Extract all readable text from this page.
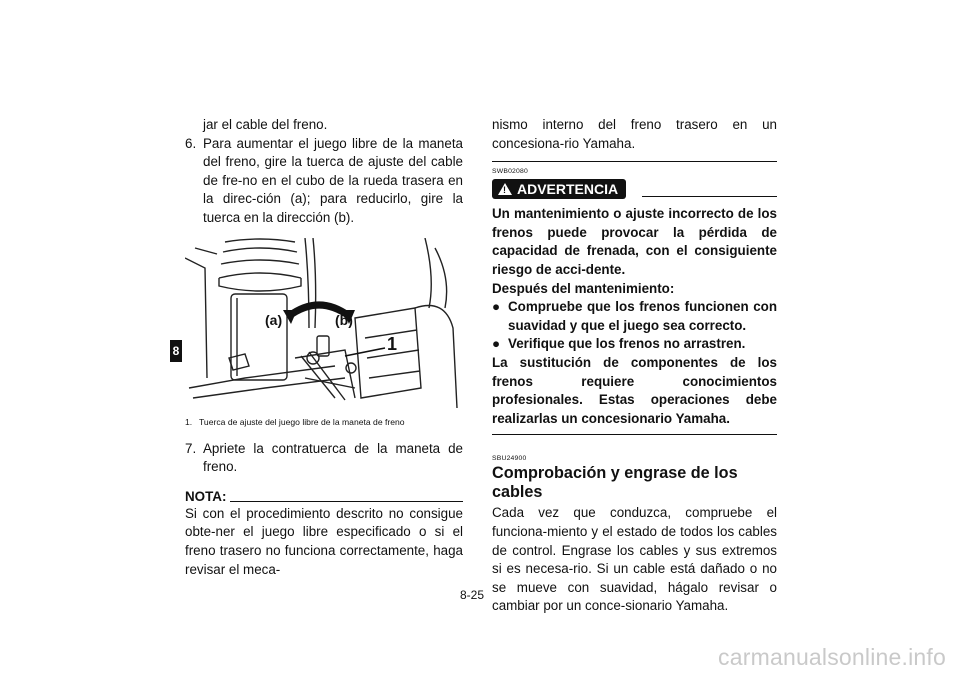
8

jar el cable del freno.

6. Para aumentar el juego libre de la maneta del freno, gire la tuerca de ajuste del cable de fre-no en el cubo de la rueda trasera en la direc-ción (a); para reducirlo, gire la tuerca en la dirección (b).
(a)	(b)
1
1. Tuerca de ajuste del juego libre de la maneta de freno
7. Apriete la contratuerca de la maneta de freno.
NOTA:

Si con el procedimiento descrito no consigue obte-ner el juego libre especificado o si el freno trasero no funciona correctamente, haga revisar el meca-

nismo interno del freno trasero en un concesiona-rio Yamaha.

SWB02080
! ADVERTENCIA

Un mantenimiento o ajuste incorrecto de los frenos puede provocar la pérdida de capacidad de frenada, con el consiguiente riesgo de acci-dente.

Después del mantenimiento:

● Compruebe que los frenos funcionen con suavidad y que el juego sea correcto.
● Verifique que los frenos no arrastren.

La sustitución de componentes de los frenos requiere conocimientos profesionales. Estas operaciones debe realizarlas un concesionario Yamaha.

SBU24900
Comprobación y engrase de los cables

Cada vez que conduzca, compruebe el funciona-miento y el estado de todos los cables de control. Engrase los cables y sus extremos si es necesa-rio. Si un cable está dañado o no se mueve con suavidad, hágalo revisar o cambiar por un conce-sionario Yamaha.

8-25
carmanualsonline.info
